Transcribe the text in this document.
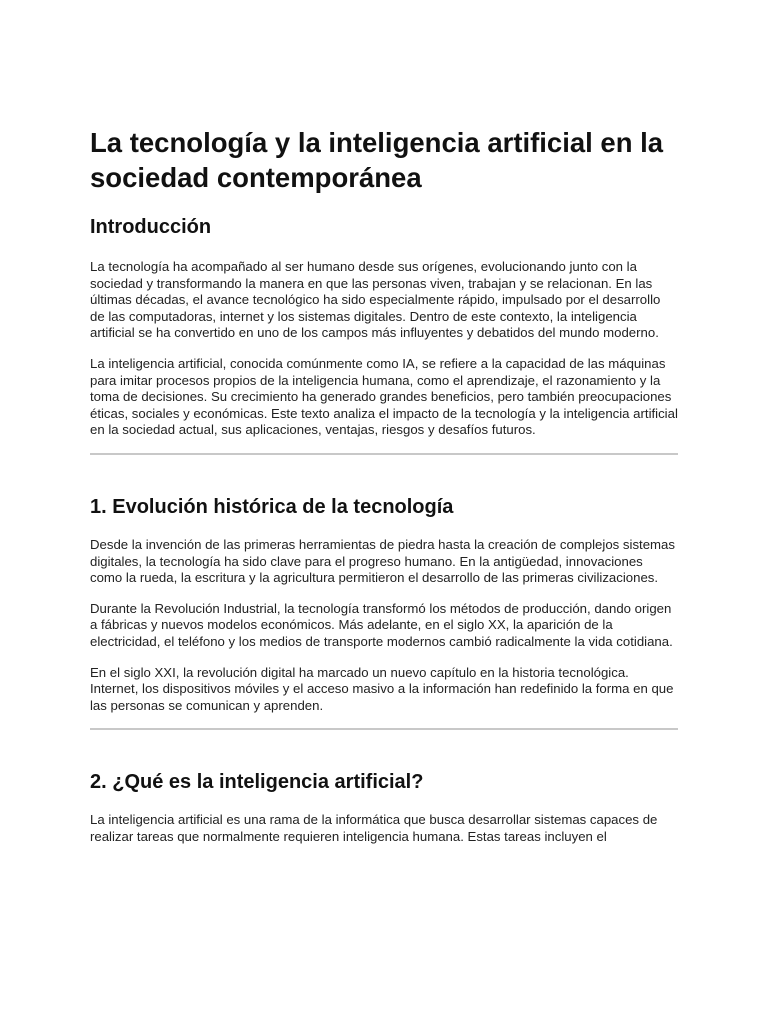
La tecnología y la inteligencia artificial en la sociedad contemporánea
Introducción

La tecnología ha acompañado al ser humano desde sus orígenes, evolucionando junto con la sociedad y transformando la manera en que las personas viven, trabajan y se relacionan. En las últimas décadas, el avance tecnológico ha sido especialmente rápido, impulsado por el desarrollo de las computadoras, internet y los sistemas digitales. Dentro de este contexto, la inteligencia artificial se ha convertido en uno de los campos más influyentes y debatidos del mundo moderno.

La inteligencia artificial, conocida comúnmente como IA, se refiere a la capacidad de las máquinas para imitar procesos propios de la inteligencia humana, como el aprendizaje, el razonamiento y la toma de decisiones. Su crecimiento ha generado grandes beneficios, pero también preocupaciones éticas, sociales y económicas. Este texto analiza el impacto de la tecnología y la inteligencia artificial en la sociedad actual, sus aplicaciones, ventajas, riesgos y desafíos futuros.

1. Evolución histórica de la tecnología

Desde la invención de las primeras herramientas de piedra hasta la creación de complejos sistemas digitales, la tecnología ha sido clave para el progreso humano. En la antigüedad, innovaciones como la rueda, la escritura y la agricultura permitieron el desarrollo de las primeras civilizaciones.

Durante la Revolución Industrial, la tecnología transformó los métodos de producción, dando origen a fábricas y nuevos modelos económicos. Más adelante, en el siglo XX, la aparición de la electricidad, el teléfono y los medios de transporte modernos cambió radicalmente la vida cotidiana.

En el siglo XXI, la revolución digital ha marcado un nuevo capítulo en la historia tecnológica. Internet, los dispositivos móviles y el acceso masivo a la información han redefinido la forma en que las personas se comunican y aprenden.

2. ¿Qué es la inteligencia artificial?

La inteligencia artificial es una rama de la informática que busca desarrollar sistemas capaces de realizar tareas que normalmente requieren inteligencia humana. Estas tareas incluyen el
